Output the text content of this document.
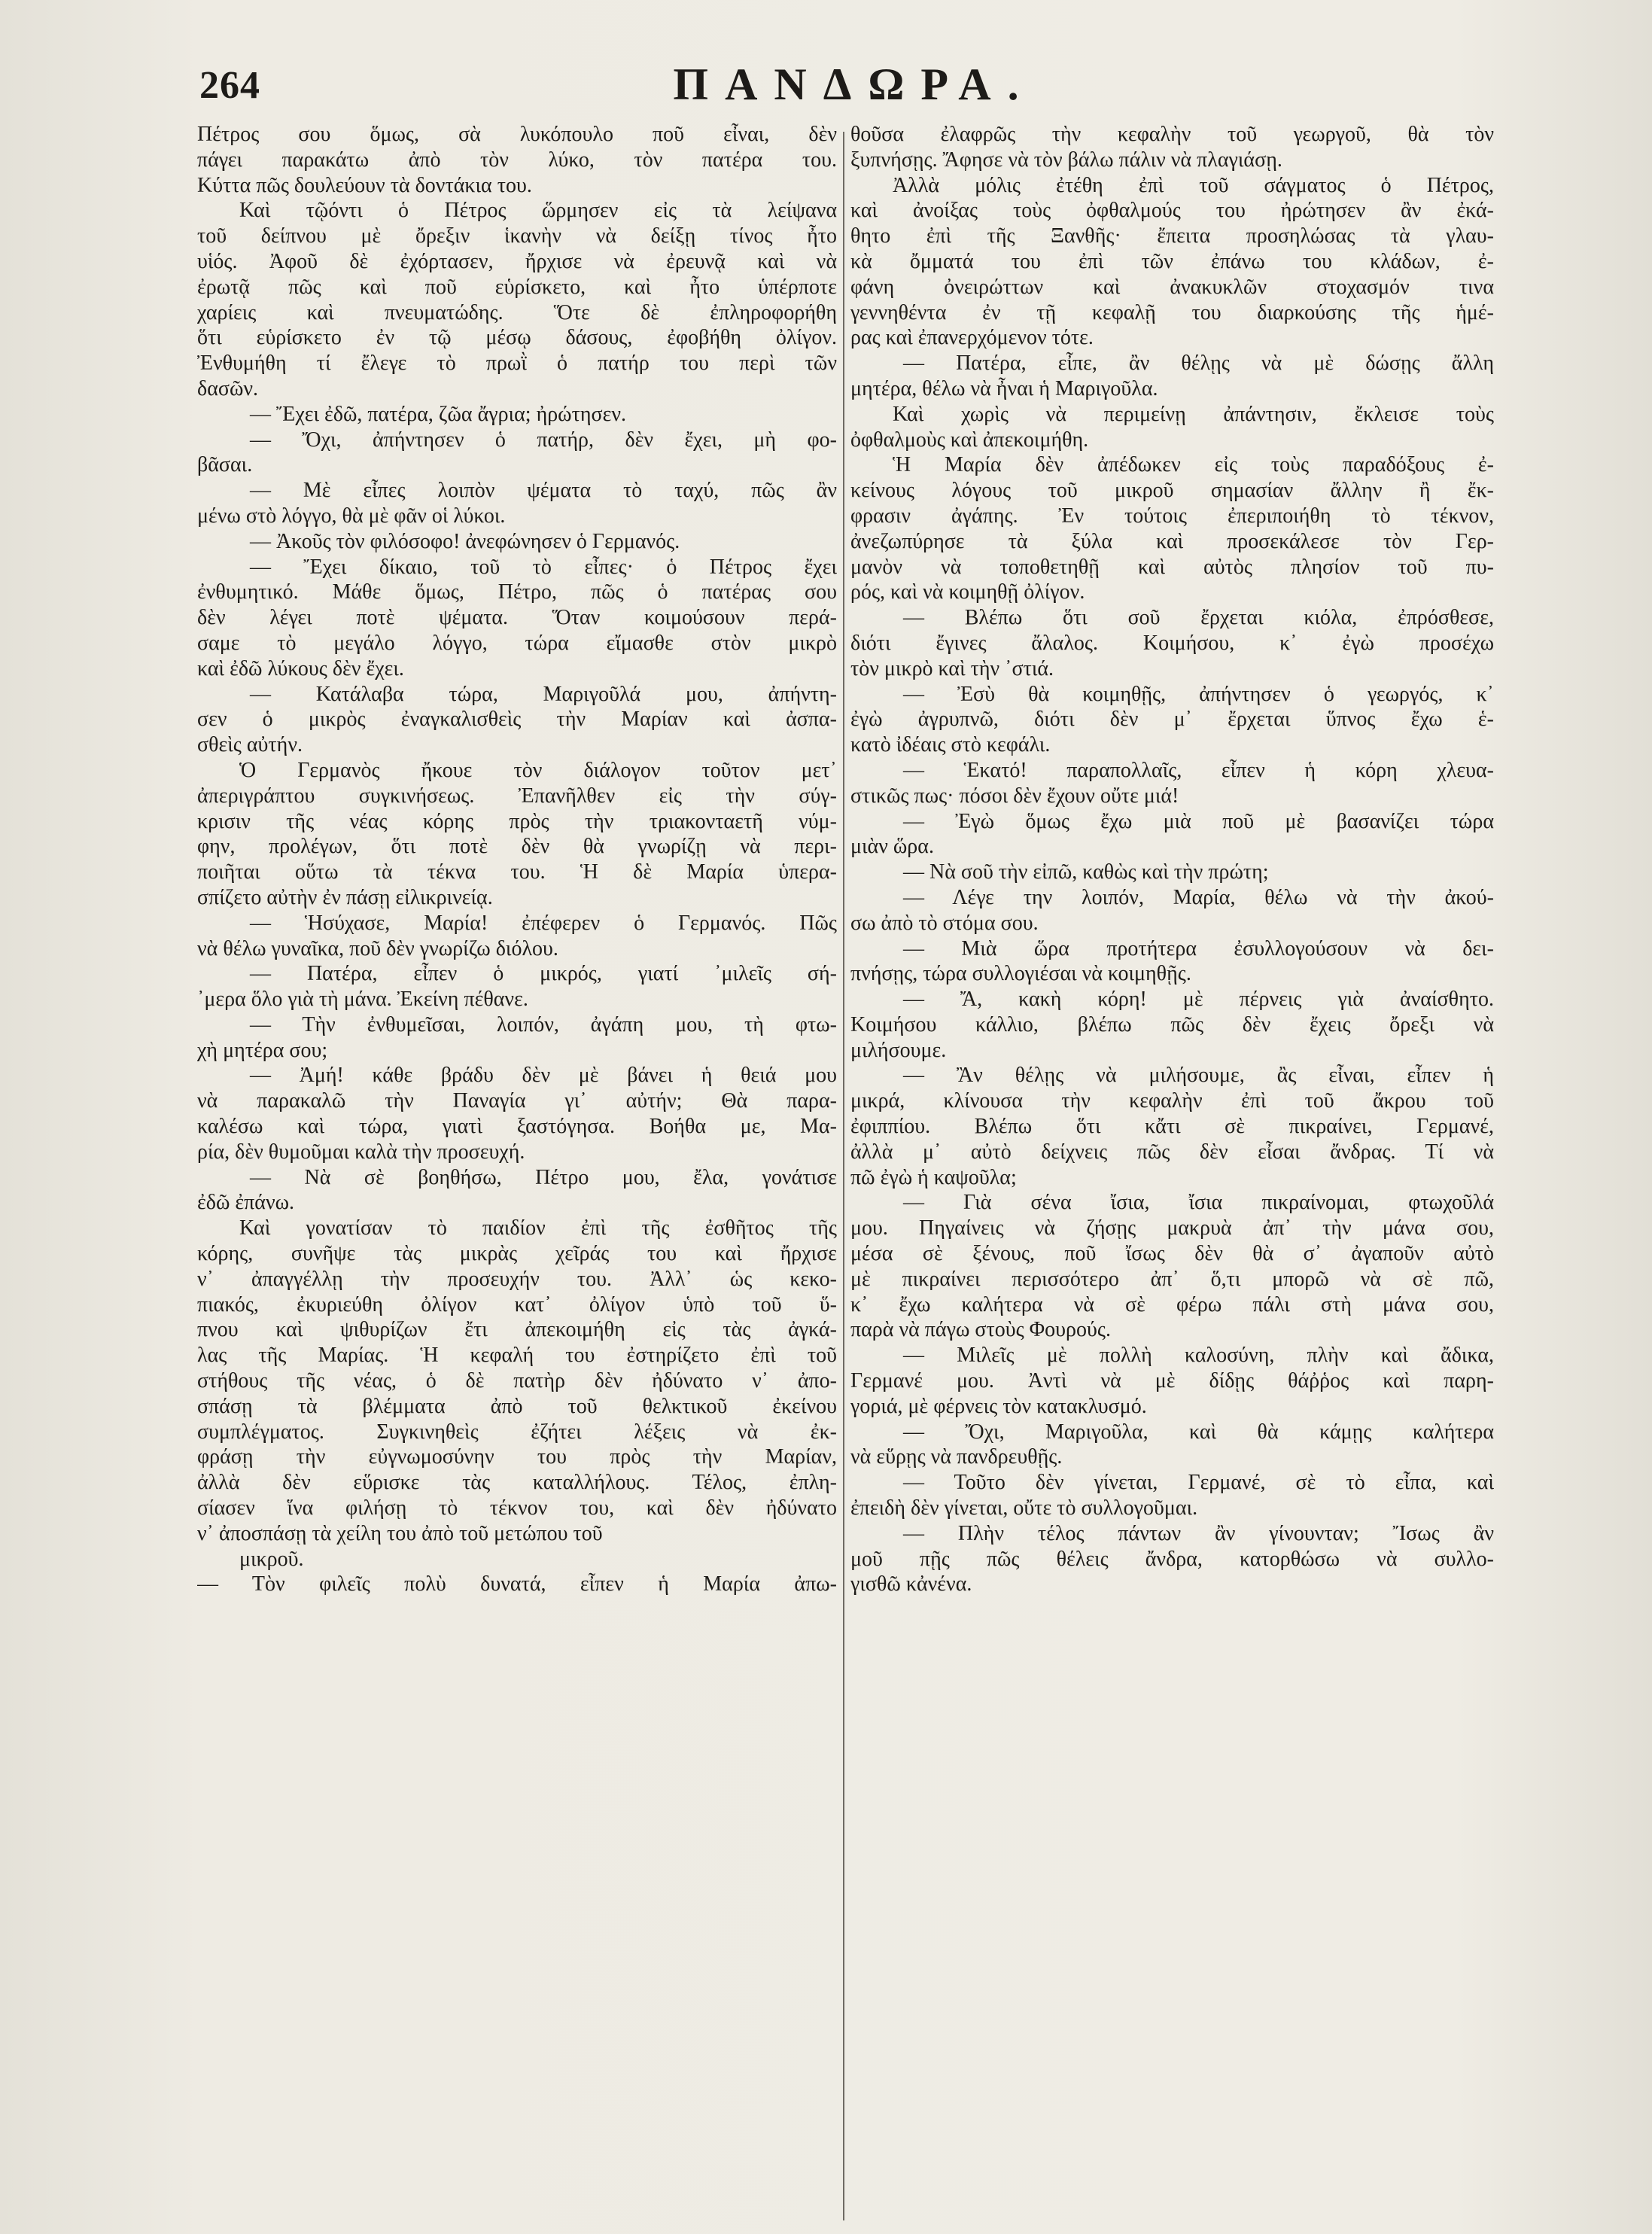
264	ΠΑΝΔΩΡΑ.
Πέτρος σου ὅμως, σὰ λυκόπουλο ποῦ εἶναι, δὲν
πάγει παρακάτω ἀπὸ τὸν λύκο, τὸν πατέρα του.
Κύττα πῶς δουλεύουν τὰ δοντάκια του.
Καὶ τῷόντι ὁ Πέτρος ὥρμησεν εἰς τὰ λείψανα
τοῦ δείπνου μὲ ὄρεξιν ἱκανὴν νὰ δείξῃ τίνος ἦτο
υἱός. Ἀφοῦ δὲ ἐχόρτασεν, ἤρχισε νὰ ἐρευνᾷ καὶ νὰ
ἐρωτᾷ πῶς καὶ ποῦ εὑρίσκετο, καὶ ἦτο ὑπέρποτε
χαρίεις καὶ πνευματώδης. Ὅτε δὲ ἐπληροφορήθη
ὅτι εὑρίσκετο ἐν τῷ μέσῳ δάσους, ἐφοβήθη ὀλίγον.
Ἐνθυμήθη τί ἔλεγε τὸ πρωῒ ὁ πατήρ του περὶ τῶν
δασῶν.
— Ἔχει ἐδῶ, πατέρα, ζῶα ἄγρια; ἠρώτησεν.
— Ὄχι, ἀπήντησεν ὁ πατήρ, δὲν ἔχει, μὴ φο-
βᾶσαι.
— Μὲ εἶπες λοιπὸν ψέματα τὸ ταχύ, πῶς ἂν
μένω στὸ λόγγο, θὰ μὲ φᾶν οἱ λύκοι.
— Ἀκοῦς τὸν φιλόσοφο! ἀνεφώνησεν ὁ Γερμανός.
— Ἔχει δίκαιο, τοῦ τὸ εἶπες· ὁ Πέτρος ἔχει
ἐνθυμητικό. Μάθε ὅμως, Πέτρο, πῶς ὁ πατέρας σου
δὲν λέγει ποτὲ ψέματα. Ὅταν κοιμούσουν περά-
σαμε τὸ μεγάλο λόγγο, τώρα εἴμασθε στὸν μικρὸ
καὶ ἐδῶ λύκους δὲν ἔχει.
— Κατάλαβα τώρα, Μαριγοῦλά μου, ἀπήντη-
σεν ὁ μικρὸς ἐναγκαλισθεὶς τὴν Μαρίαν καὶ ἀσπα-
σθεὶς αὐτήν.
Ὁ Γερμανὸς ἤκουε τὸν διάλογον τοῦτον μετ᾽
ἀπεριγράπτου συγκινήσεως. Ἐπανῆλθεν εἰς τὴν σύγ-
κρισιν τῆς νέας κόρης πρὸς τὴν τριακονταετῆ νύμ-
φην, προλέγων, ὅτι ποτὲ δὲν θὰ γνωρίζῃ νὰ περι-
ποιῆται οὕτω τὰ τέκνα του. Ἡ δὲ Μαρία ὑπερα-
σπίζετο αὐτὴν ἐν πάσῃ εἰλικρινείᾳ.
— Ἡσύχασε, Μαρία! ἐπέφερεν ὁ Γερμανός. Πῶς
νὰ θέλω γυναῖκα, ποῦ δὲν γνωρίζω διόλου.
— Πατέρα, εἶπεν ὁ μικρός, γιατί ᾽μιλεῖς σή-
᾽μερα ὅλο γιὰ τὴ μάνα. Ἐκείνη πέθανε.
— Τὴν ἐνθυμεῖσαι, λοιπόν, ἀγάπη μου, τὴ φτω-
χὴ μητέρα σου;
— Ἀμή! κάθε βράδυ δὲν μὲ βάνει ἡ θειά μου
νὰ παρακαλῶ τὴν Παναγία γι᾽ αὐτήν; Θὰ παρα-
καλέσω καὶ τώρα, γιατὶ ξαστόγησα. Βοήθα με, Μα-
ρία, δὲν θυμοῦμαι καλὰ τὴν προσευχή.
— Νὰ σὲ βοηθήσω, Πέτρο μου, ἔλα, γονάτισε
ἐδῶ ἐπάνω.
Καὶ γονατίσαν τὸ παιδίον ἐπὶ τῆς ἐσθῆτος τῆς
κόρης, συνῆψε τὰς μικρὰς χεῖράς του καὶ ἤρχισε
ν᾽ ἀπαγγέλλῃ τὴν προσευχήν του. Ἀλλ᾽ ὡς κεκο-
πιακός, ἐκυριεύθη ὀλίγον κατ᾽ ὀλίγον ὑπὸ τοῦ ὕ-
πνου καὶ ψιθυρίζων ἔτι ἀπεκοιμήθη εἰς τὰς ἀγκά-
λας τῆς Μαρίας. Ἡ κεφαλή του ἐστηρίζετο ἐπὶ τοῦ
στήθους τῆς νέας, ὁ δὲ πατὴρ δὲν ἠδύνατο ν᾽ ἀπο-
σπάσῃ τὰ βλέμματα ἀπὸ τοῦ θελκτικοῦ ἐκείνου
συμπλέγματος. Συγκινηθεὶς ἐζήτει λέξεις νὰ ἐκ-
φράσῃ τὴν εὐγνωμοσύνην του πρὸς τὴν Μαρίαν,
ἀλλὰ δὲν εὕρισκε τὰς καταλλήλους. Τέλος, ἐπλη-
σίασεν ἵνα φιλήσῃ τὸ τέκνον του, καὶ δὲν ἠδύνατο
ν᾽ ἀποσπάσῃ τὰ χείλη του ἀπὸ τοῦ μετώπου τοῦ
μικροῦ.
— Τὸν φιλεῖς πολὺ δυνατά, εἶπεν ἡ Μαρία ἀπω-
θοῦσα ἐλαφρῶς τὴν κεφαλὴν τοῦ γεωργοῦ, θὰ τὸν
ξυπνήσῃς. Ἄφησε νὰ τὸν βάλω πάλιν νὰ πλαγιάσῃ.
Ἀλλὰ μόλις ἐτέθη ἐπὶ τοῦ σάγματος ὁ Πέτρος,
καὶ ἀνοίξας τοὺς ὀφθαλμούς του ἠρώτησεν ἂν ἐκά-
θητο ἐπὶ τῆς Ξανθῆς· ἔπειτα προσηλώσας τὰ γλαυ-
κὰ ὄμματά του ἐπὶ τῶν ἐπάνω του κλάδων, ἐ-
φάνη ὀνειρώττων καὶ ἀνακυκλῶν στοχασμόν τινα
γεννηθέντα ἐν τῇ κεφαλῇ του διαρκούσης τῆς ἡμέ-
ρας καὶ ἐπανερχόμενον τότε.
— Πατέρα, εἶπε, ἂν θέλῃς νὰ μὲ δώσῃς ἄλλη
μητέρα, θέλω νὰ ἦναι ἡ Μαριγοῦλα.
Καὶ χωρὶς νὰ περιμείνῃ ἀπάντησιν, ἔκλεισε τοὺς
ὀφθαλμοὺς καὶ ἀπεκοιμήθη.
Ἡ Μαρία δὲν ἀπέδωκεν εἰς τοὺς παραδόξους ἐ-
κείνους λόγους τοῦ μικροῦ σημασίαν ἄλλην ἢ ἔκ-
φρασιν ἀγάπης. Ἐν τούτοις ἐπεριποιήθη τὸ τέκνον,
ἀνεζωπύρησε τὰ ξύλα καὶ προσεκάλεσε τὸν Γερ-
μανὸν νὰ τοποθετηθῇ καὶ αὐτὸς πλησίον τοῦ πυ-
ρός, καὶ νὰ κοιμηθῇ ὀλίγον.
— Βλέπω ὅτι σοῦ ἔρχεται κιόλα, ἐπρόσθεσε,
διότι ἔγινες ἄλαλος. Κοιμήσου, κ᾽ ἐγὼ προσέχω
τὸν μικρὸ καὶ τὴν ᾽στιά.
— Ἐσὺ θὰ κοιμηθῇς, ἀπήντησεν ὁ γεωργός, κ᾽
ἐγὼ ἀγρυπνῶ, διότι δὲν μ᾽ ἔρχεται ὕπνος ἔχω ἑ-
κατὸ ἰδέαις στὸ κεφάλι.
— Ἑκατό! παραπολλαῖς, εἶπεν ἡ κόρη χλευα-
στικῶς πως· πόσοι δὲν ἔχουν οὔτε μιά!
— Ἐγὼ ὅμως ἔχω μιὰ ποῦ μὲ βασανίζει τώρα
μιὰν ὥρα.
— Νὰ σοῦ τὴν εἰπῶ, καθὼς καὶ τὴν πρώτη;
— Λέγε την λοιπόν, Μαρία, θέλω νὰ τὴν ἀκού-
σω ἀπὸ τὸ στόμα σου.
— Μιὰ ὥρα προτήτερα ἐσυλλογούσουν νὰ δει-
πνήσῃς, τώρα συλλογιέσαι νὰ κοιμηθῇς.
— Ἄ, κακὴ κόρη! μὲ πέρνεις γιὰ ἀναίσθητο.
Κοιμήσου κάλλιο, βλέπω πῶς δὲν ἔχεις ὄρεξι νὰ
μιλήσουμε.
— Ἂν θέλῃς νὰ μιλήσουμε, ἂς εἶναι, εἶπεν ἡ
μικρά, κλίνουσα τὴν κεφαλὴν ἐπὶ τοῦ ἄκρου τοῦ
ἐφιππίου. Βλέπω ὅτι κἄτι σὲ πικραίνει, Γερμανέ,
ἀλλὰ μ᾽ αὐτὸ δείχνεις πῶς δὲν εἶσαι ἄνδρας. Τί νὰ
πῶ ἐγὼ ἡ καψοῦλα;
— Γιὰ σένα ἴσια, ἴσια πικραίνομαι, φτωχοῦλά
μου. Πηγαίνεις νὰ ζήσῃς μακρυὰ ἀπ᾽ τὴν μάνα σου,
μέσα σὲ ξένους, ποῦ ἴσως δὲν θὰ σ᾽ ἀγαποῦν αὐτὸ
μὲ πικραίνει περισσότερο ἀπ᾽ ὅ,τι μπορῶ νὰ σὲ πῶ,
κ᾽ ἔχω καλήτερα νὰ σὲ φέρω πάλι στὴ μάνα σου,
παρὰ νὰ πάγω στοὺς Φουρούς.
— Μιλεῖς μὲ πολλὴ καλοσύνη, πλὴν καὶ ἄδικα,
Γερμανέ μου. Ἀντὶ νὰ μὲ δίδῃς θάῤῥος καὶ παρη-
γοριά, μὲ φέρνεις τὸν κατακλυσμό.
— Ὄχι, Μαριγοῦλα, καὶ θὰ κάμῃς καλήτερα
νὰ εὕρῃς νὰ πανδρευθῇς.
— Τοῦτο δὲν γίνεται, Γερμανέ, σὲ τὸ εἶπα, καὶ
ἐπειδὴ δὲν γίνεται, οὔτε τὸ συλλογοῦμαι.
— Πλὴν τέλος πάντων ἂν γίνουνταν; Ἴσως ἂν
μοῦ πῇς πῶς θέλεις ἄνδρα, κατορθώσω νὰ συλλο-
γισθῶ κἀνένα.
